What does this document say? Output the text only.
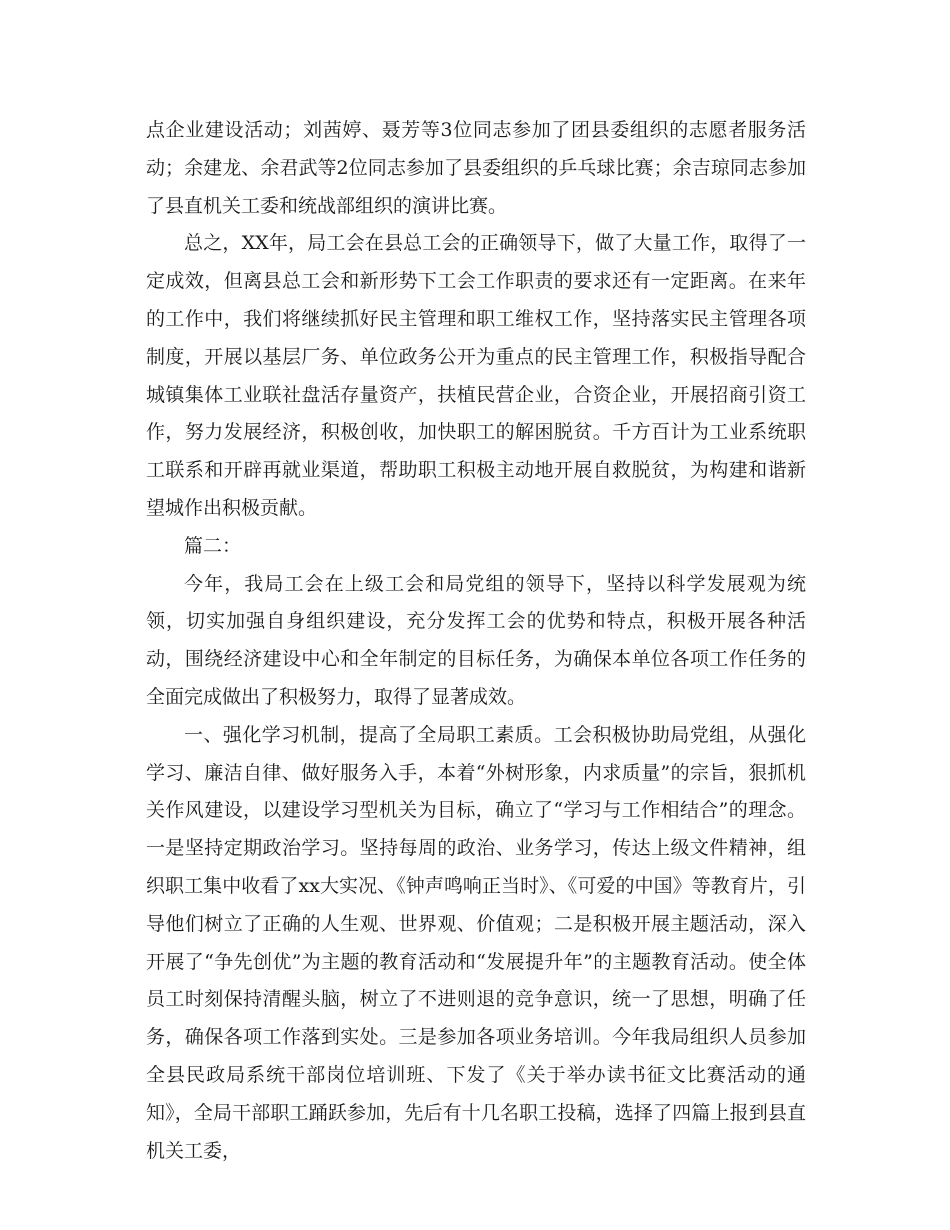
点企业建设活动；刘茜婷、聂芳等3位同志参加了团县委组织的志愿者服务活动；余建龙、余君武等2位同志参加了县委组织的乒乓球比赛；余吉琼同志参加了县直机关工委和统战部组织的演讲比赛。

总之，XX年，局工会在县总工会的正确领导下，做了大量工作，取得了一定成效，但离县总工会和新形势下工会工作职责的要求还有一定距离。在来年的工作中，我们将继续抓好民主管理和职工维权工作，坚持落实民主管理各项制度，开展以基层厂务、单位政务公开为重点的民主管理工作，积极指导配合城镇集体工业联社盘活存量资产，扶植民营企业，合资企业，开展招商引资工作，努力发展经济，积极创收，加快职工的解困脱贫。千方百计为工业系统职工联系和开辟再就业渠道，帮助职工积极主动地开展自救脱贫，为构建和谐新望城作出积极贡献。

篇二：

今年，我局工会在上级工会和局党组的领导下，坚持以科学发展观为统领，切实加强自身组织建设，充分发挥工会的优势和特点，积极开展各种活动，围绕经济建设中心和全年制定的目标任务，为确保本单位各项工作任务的全面完成做出了积极努力，取得了显著成效。

一、强化学习机制，提高了全局职工素质。工会积极协助局党组，从强化学习、廉洁自律、做好服务入手，本着“外树形象，内求质量”的宗旨，狠抓机关作风建设，以建设学习型机关为目标，确立了“学习与工作相结合”的理念。一是坚持定期政治学习。坚持每周的政治、业务学习，传达上级文件精神，组织职工集中收看了xx大实况、《钟声鸣响正当时》、《可爱的中国》等教育片，引导他们树立了正确的人生观、世界观、价值观；二是积极开展主题活动，深入开展了“争先创优”为主题的教育活动和“发展提升年”的主题教育活动。使全体员工时刻保持清醒头脑，树立了不进则退的竞争意识，统一了思想，明确了任务，确保各项工作落到实处。三是参加各项业务培训。今年我局组织人员参加全县民政局系统干部岗位培训班、下发了《关于举办读书征文比赛活动的通知》，全局干部职工踊跃参加，先后有十几名职工投稿，选择了四篇上报到县直机关工委，
